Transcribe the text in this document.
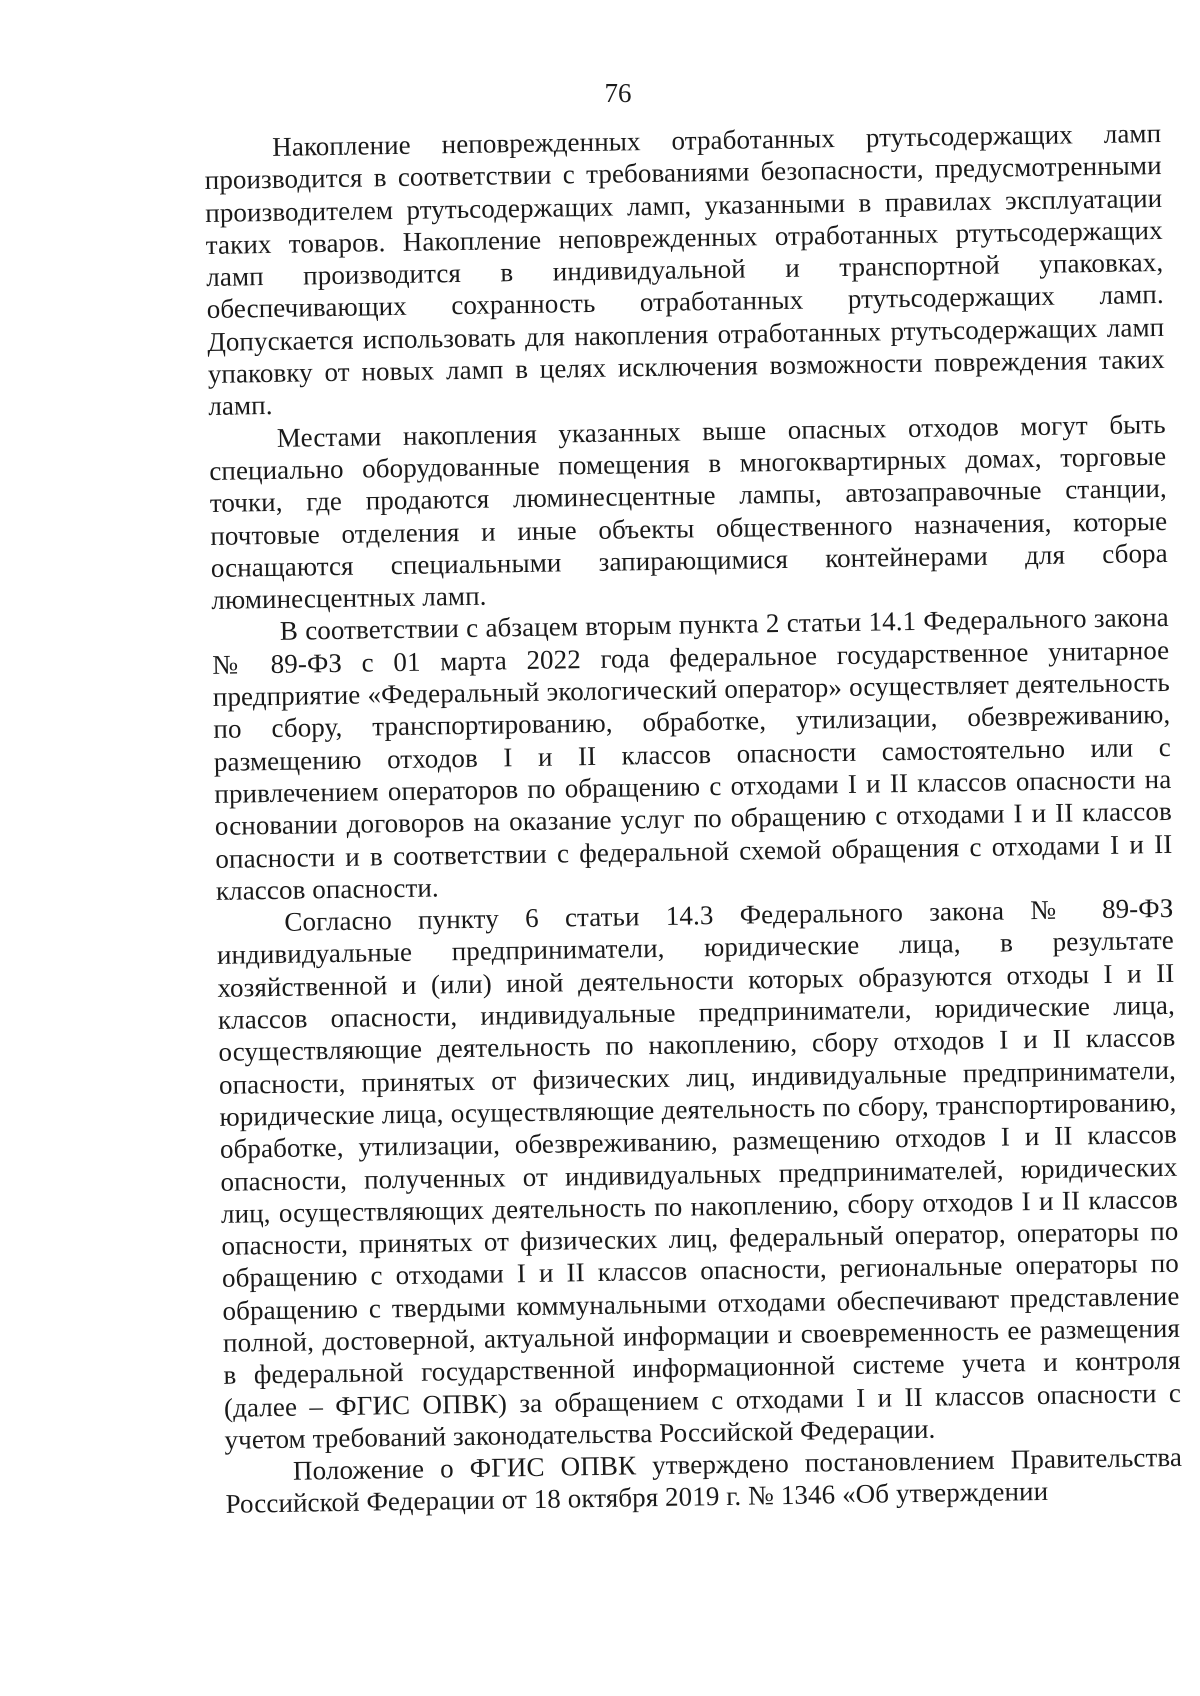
76

Накопление неповрежденных отработанных ртутьсодержащих ламп производится в соответствии с требованиями безопасности, предусмотренными производителем ртутьсодержащих ламп, указанными в правилах эксплуатации таких товаров. Накопление неповрежденных отработанных ртутьсодержащих ламп производится в индивидуальной и транспортной упаковках, обеспечивающих сохранность отработанных ртутьсодержащих ламп. Допускается использовать для накопления отработанных ртутьсодержащих ламп упаковку от новых ламп в целях исключения возможности повреждения таких ламп.

Местами накопления указанных выше опасных отходов могут быть специально оборудованные помещения в многоквартирных домах, торговые точки, где продаются люминесцентные лампы, автозаправочные станции, почтовые отделения и иные объекты общественного назначения, которые оснащаются специальными запирающимися контейнерами для сбора люминесцентных ламп.

В соответствии с абзацем вторым пункта 2 статьи 14.1 Федерального закона № 89-ФЗ с 01 марта 2022 года федеральное государственное унитарное предприятие «Федеральный экологический оператор» осуществляет деятельность по сбору, транспортированию, обработке, утилизации, обезвреживанию, размещению отходов I и II классов опасности самостоятельно или с привлечением операторов по обращению с отходами I и II классов опасности на основании договоров на оказание услуг по обращению с отходами I и II классов опасности и в соответствии с федеральной схемой обращения с отходами I и II классов опасности.

Согласно пункту 6 статьи 14.3 Федерального закона № 89-ФЗ индивидуальные предприниматели, юридические лица, в результате хозяйственной и (или) иной деятельности которых образуются отходы I и II классов опасности, индивидуальные предприниматели, юридические лица, осуществляющие деятельность по накоплению, сбору отходов I и II классов опасности, принятых от физических лиц, индивидуальные предприниматели, юридические лица, осуществляющие деятельность по сбору, транспортированию, обработке, утилизации, обезвреживанию, размещению отходов I и II классов опасности, полученных от индивидуальных предпринимателей, юридических лиц, осуществляющих деятельность по накоплению, сбору отходов I и II классов опасности, принятых от физических лиц, федеральный оператор, операторы по обращению с отходами I и II классов опасности, региональные операторы по обращению с твердыми коммунальными отходами обеспечивают представление полной, достоверной, актуальной информации и своевременность ее размещения в федеральной государственной информационной системе учета и контроля (далее – ФГИС ОПВК) за обращением с отходами I и II классов опасности с учетом требований законодательства Российской Федерации.

Положение о ФГИС ОПВК утверждено постановлением Правительства Российской Федерации от 18 октября 2019 г. № 1346 «Об утверждении
